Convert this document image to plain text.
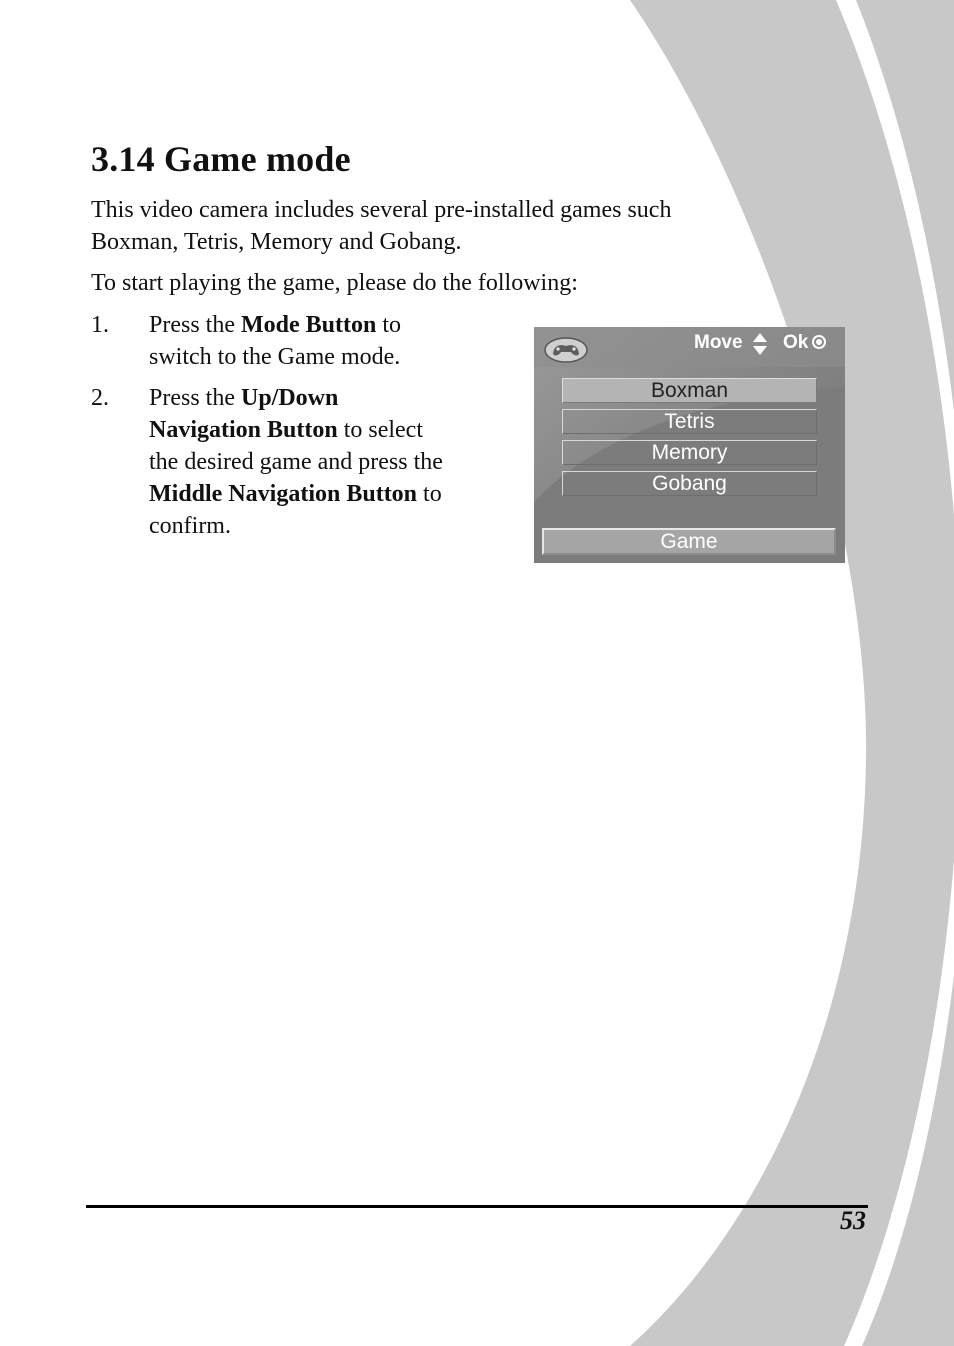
3.14 Game mode

This video camera includes several pre-installed games such
Boxman, Tetris, Memory and Gobang.

To start playing the game, please do the following:

1. Press the Mode Button to
switch to the Game mode.

2. Press the Up/Down
Navigation Button to select
the desired game and press the
Middle Navigation Button to
confirm.

Move Ok
Boxman
Tetris
Memory
Gobang
Game
53
